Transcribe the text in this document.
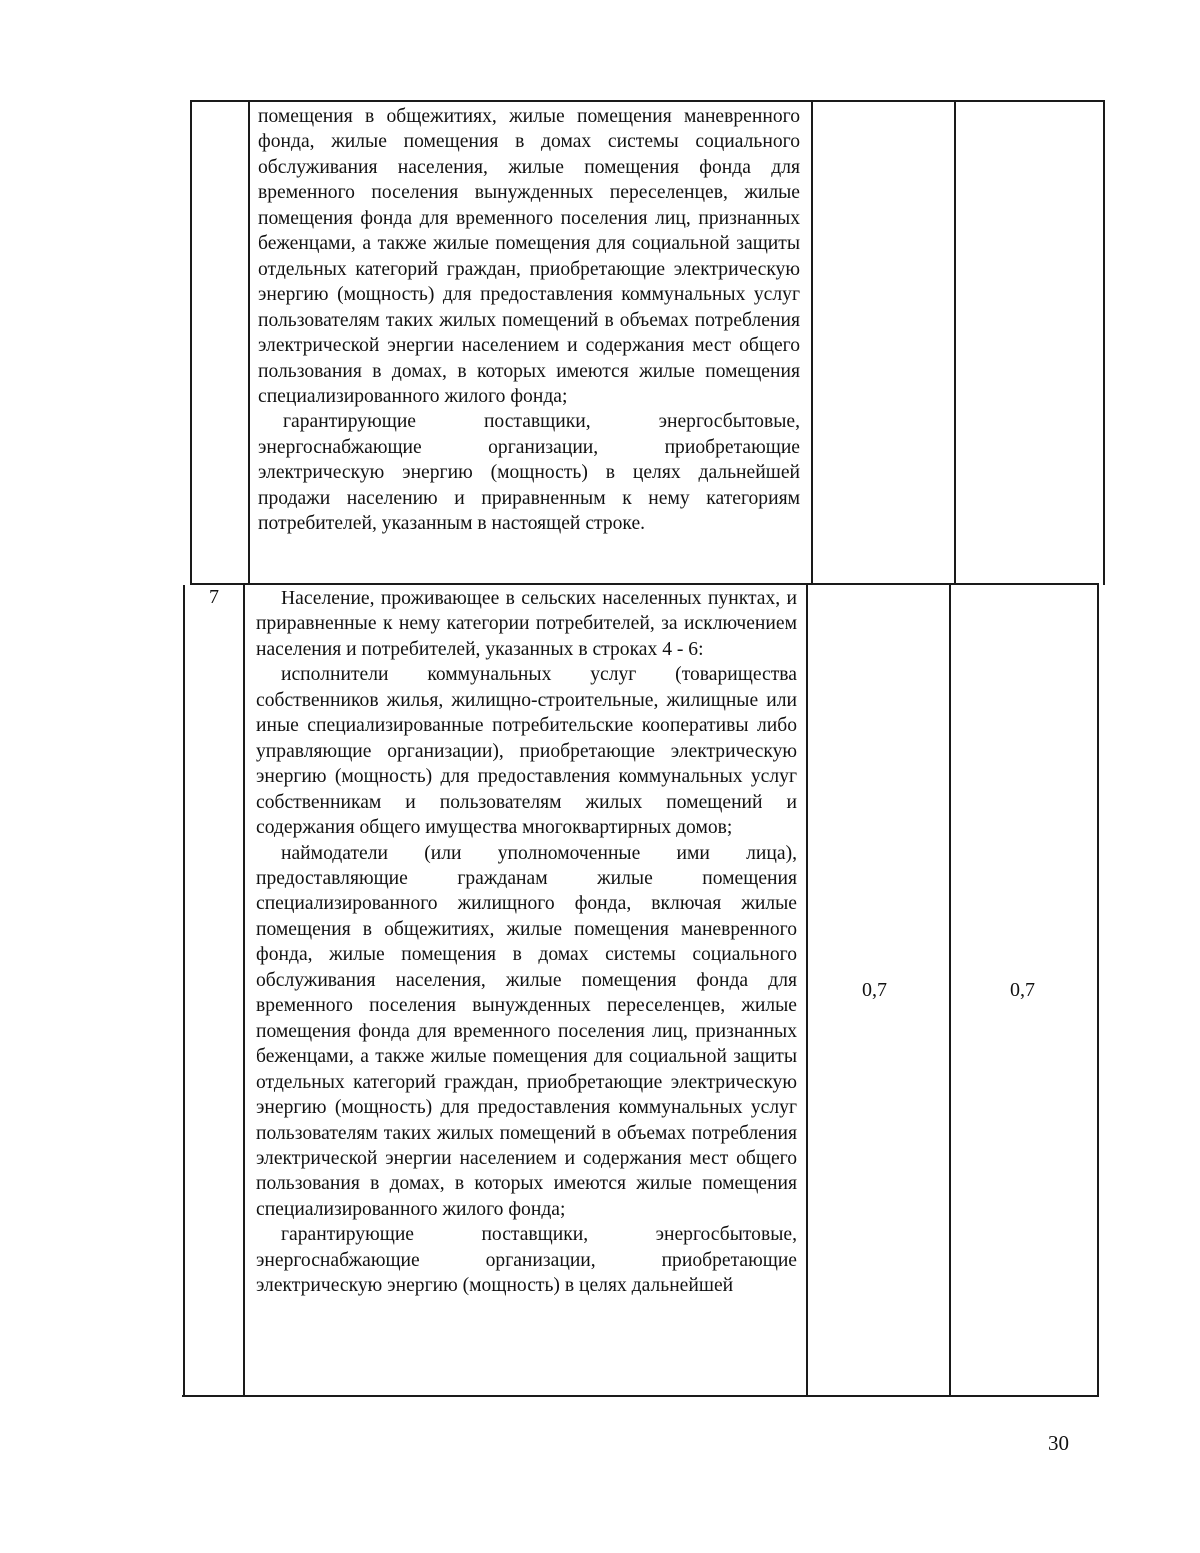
помещения в общежитиях, жилые помещения маневренного фонда, жилые помещения в домах системы социального обслуживания населения, жилые помещения фонда для временного поселения вынужденных переселенцев, жилые помещения фонда для временного поселения лиц, признанных беженцами, а также жилые помещения для социальной защиты отдельных категорий граждан, приобретающие электрическую энергию (мощность) для предоставления коммунальных услуг пользователям таких жилых помещений в объемах потребления электрической энергии населением и содержания мест общего пользования в домах, в которых имеются жилые помещения специализированного жилого фонда;

гарантирующие поставщики, энергосбытовые, энергоснабжающие организации, приобретающие электрическую энергию (мощность) в целях дальнейшей продажи населению и приравненным к нему категориям потребителей, указанным в настоящей строке.

7	Население, проживающее в сельских населенных пунктах, и приравненные к нему категории потребителей, за исключением населения и потребителей, указанных в строках 4 - 6:

исполнители коммунальных услуг (товарищества собственников жилья, жилищно-строительные, жилищные или иные специализированные потребительские кооперативы либо управляющие организации), приобретающие электрическую энергию (мощность) для предоставления коммунальных услуг собственникам и пользователям жилых помещений и содержания общего имущества многоквартирных домов;

наймодатели (или уполномоченные ими лица), предоставляющие гражданам жилые помещения специализированного жилищного фонда, включая жилые помещения в общежитиях, жилые помещения маневренного фонда, жилые помещения в домах системы социального обслуживания населения, жилые помещения фонда для временного поселения вынужденных переселенцев, жилые помещения фонда для временного поселения лиц, признанных беженцами, а также жилые помещения для социальной защиты отдельных категорий граждан, приобретающие электрическую энергию (мощность) для предоставления коммунальных услуг пользователям таких жилых помещений в объемах потребления электрической энергии населением и содержания мест общего пользования в домах, в которых имеются жилые помещения специализированного жилого фонда;

гарантирующие поставщики, энергосбытовые, энергоснабжающие организации, приобретающие электрическую энергию (мощность) в целях дальнейшей

0,7	0,7
30
